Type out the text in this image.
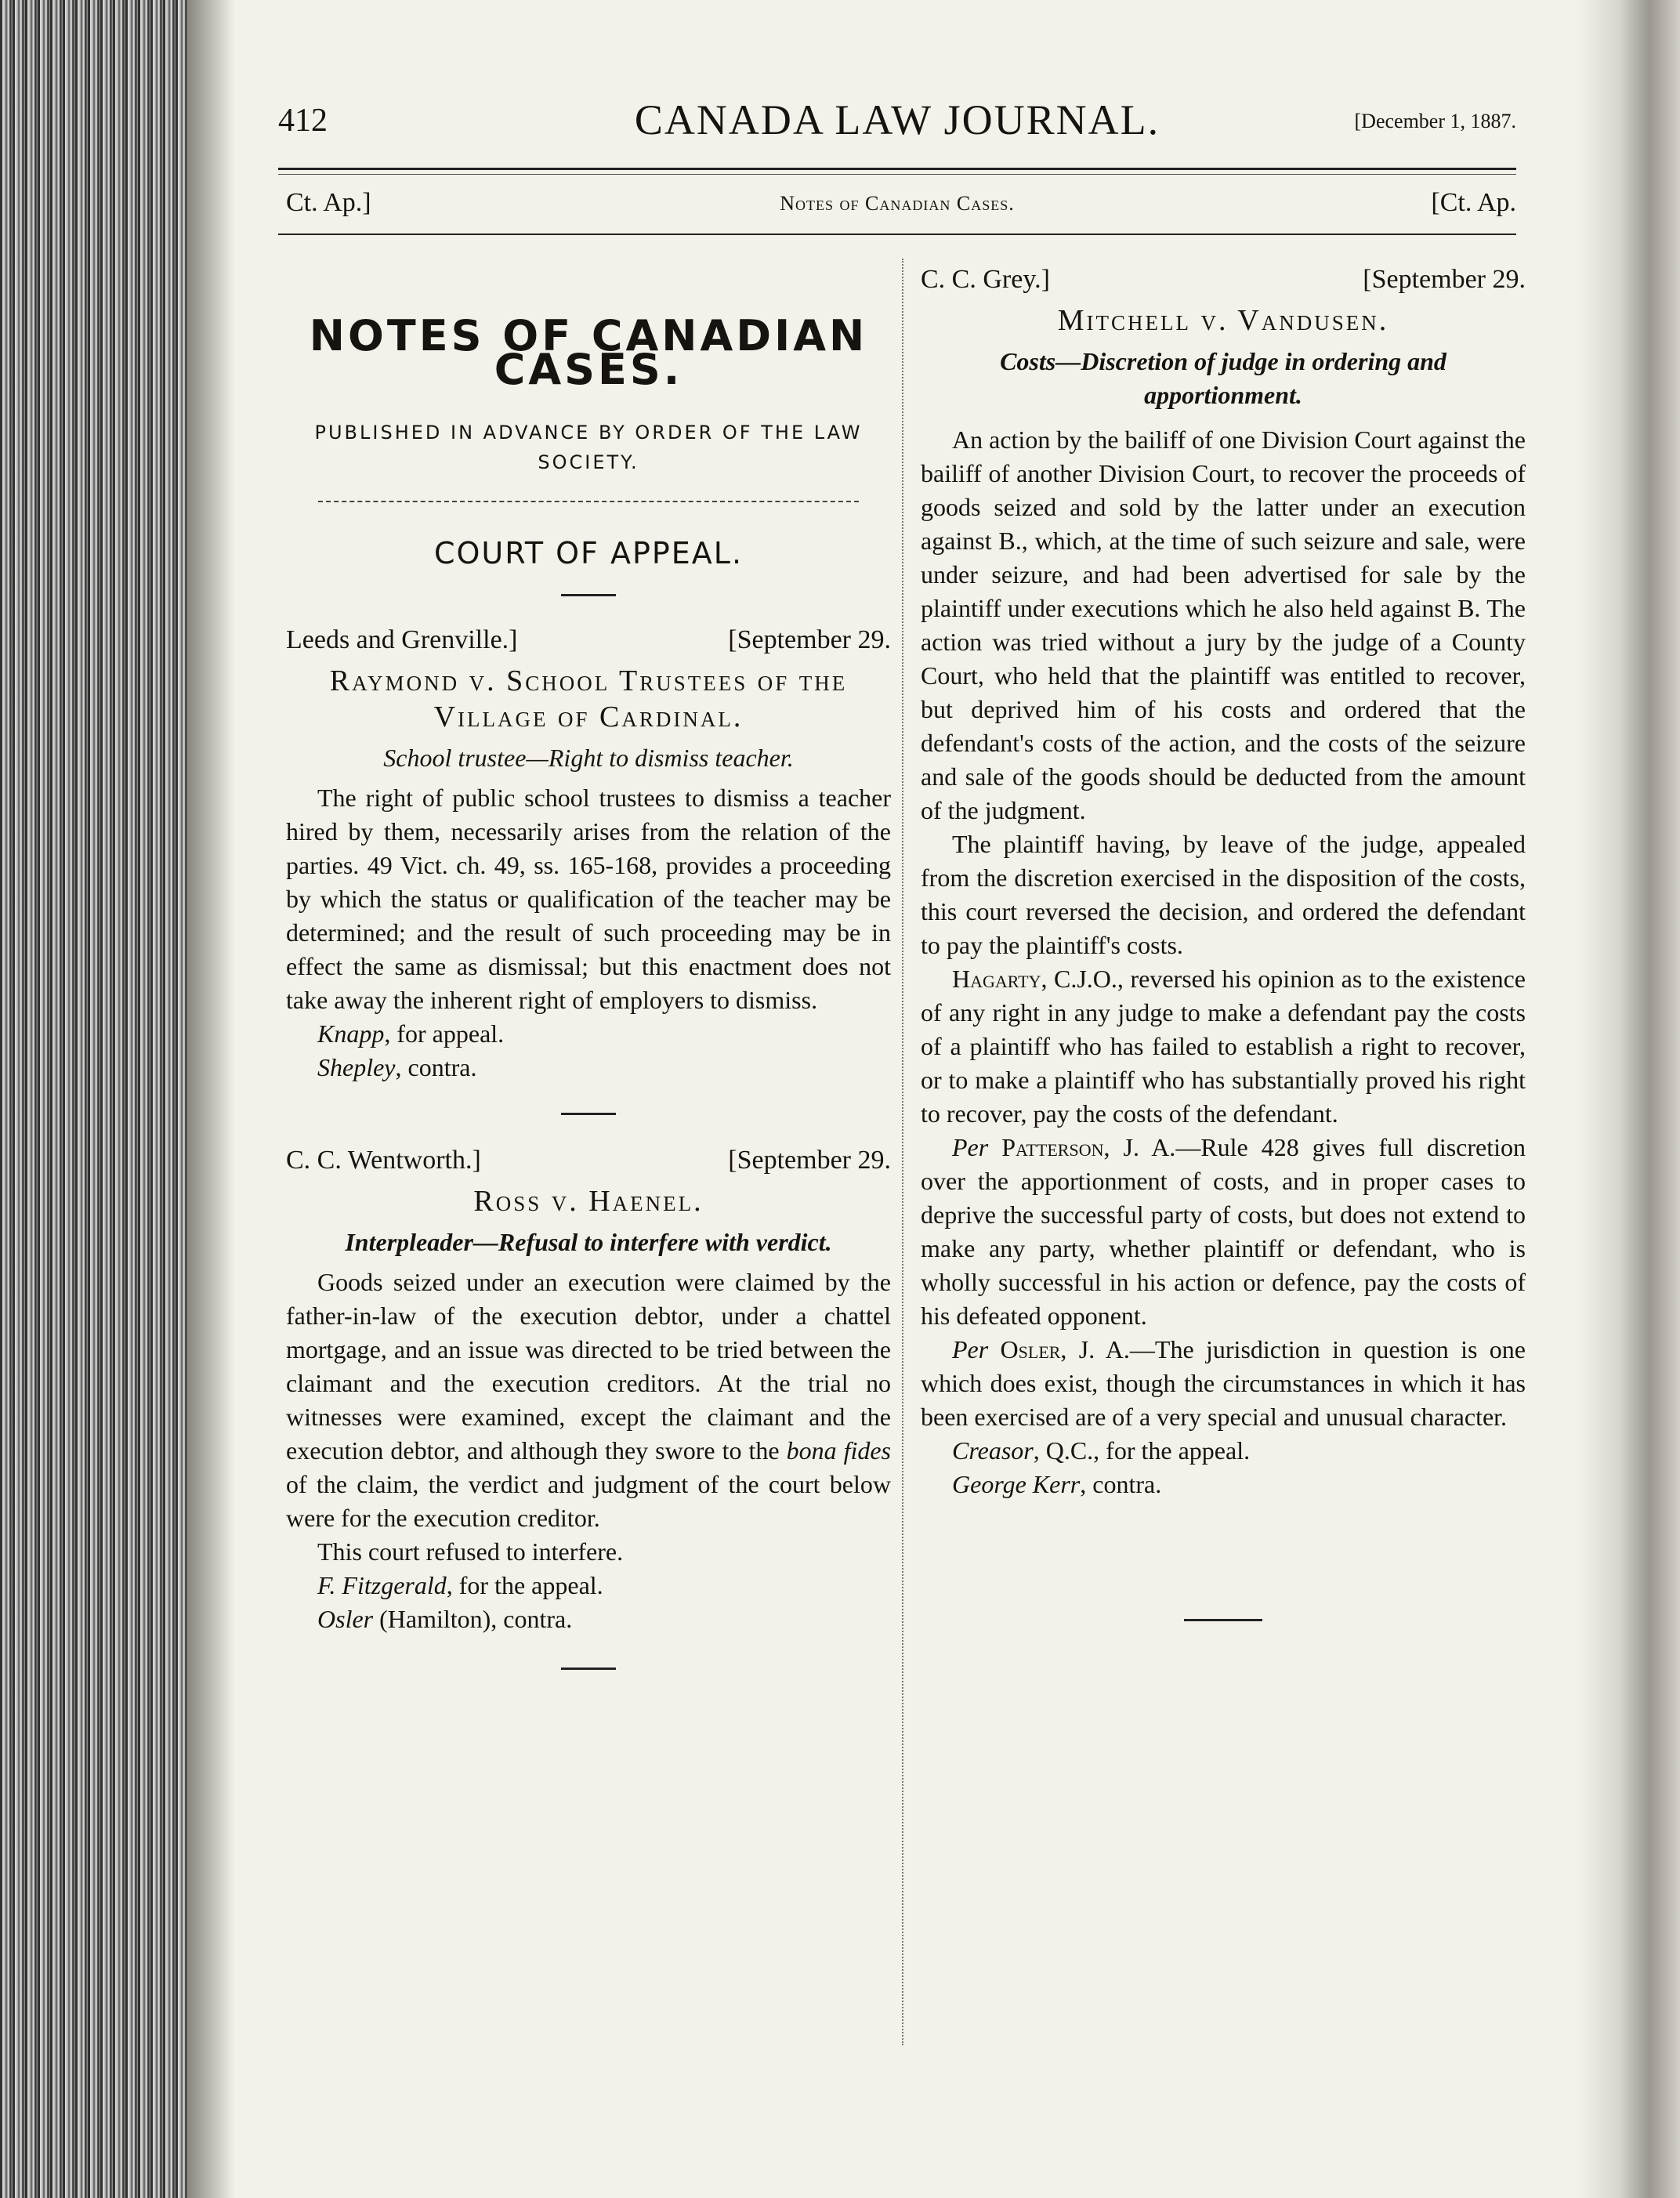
412	CANADA LAW JOURNAL.	[December 1, 1887.
Ct. Ap.]	Notes of Canadian Cases.	[Ct. Ap.
NOTES OF CANADIAN CASES.
PUBLISHED IN ADVANCE BY ORDER OF THE LAW SOCIETY.
COURT OF APPEAL.
Leeds and Grenville.]	[September 29.
Raymond v. School Trustees of the Village of Cardinal.
School trustee—Right to dismiss teacher.

The right of public school trustees to dismiss a teacher hired by them, necessarily arises from the relation of the parties. 49 Vict. ch. 49, ss. 165-168, provides a proceeding by which the status or qualification of the teacher may be determined; and the result of such proceeding may be in effect the same as dismissal; but this enactment does not take away the inherent right of employers to dismiss.

Knapp, for appeal.
Shepley, contra.
C. C. Wentworth.]	[September 29.
Ross v. Haenel.
Interpleader—Refusal to interfere with verdict.

Goods seized under an execution were claimed by the father-in-law of the execution debtor, under a chattel mortgage, and an issue was directed to be tried between the claimant and the execution creditors. At the trial no witnesses were examined, except the claimant and the execution debtor, and although they swore to the bona fides of the claim, the verdict and judgment of the court below were for the execution creditor.

This court refused to interfere.

F. Fitzgerald, for the appeal.
Osler (Hamilton), contra.
C. C. Grey.]	[September 29.
Mitchell v. Vandusen.
Costs—Discretion of judge in ordering and apportionment.

An action by the bailiff of one Division Court against the bailiff of another Division Court, to recover the proceeds of goods seized and sold by the latter under an execution against B., which, at the time of such seizure and sale, were under seizure, and had been advertised for sale by the plaintiff under executions which he also held against B. The action was tried without a jury by the judge of a County Court, who held that the plaintiff was entitled to recover, but deprived him of his costs and ordered that the defendant's costs of the action, and the costs of the seizure and sale of the goods should be deducted from the amount of the judgment.

The plaintiff having, by leave of the judge, appealed from the discretion exercised in the disposition of the costs, this court reversed the decision, and ordered the defendant to pay the plaintiff's costs.

Hagarty, C.J.O., reversed his opinion as to the existence of any right in any judge to make a defendant pay the costs of a plaintiff who has failed to establish a right to recover, or to make a plaintiff who has substantially proved his right to recover, pay the costs of the defendant.

Per Patterson, J. A.—Rule 428 gives full discretion over the apportionment of costs, and in proper cases to deprive the successful party of costs, but does not extend to make any party, whether plaintiff or defendant, who is wholly successful in his action or defence, pay the costs of his defeated opponent.

Per Osler, J. A.—The jurisdiction in question is one which does exist, though the circumstances in which it has been exercised are of a very special and unusual character.

Creasor, Q.C., for the appeal.
George Kerr, contra.
